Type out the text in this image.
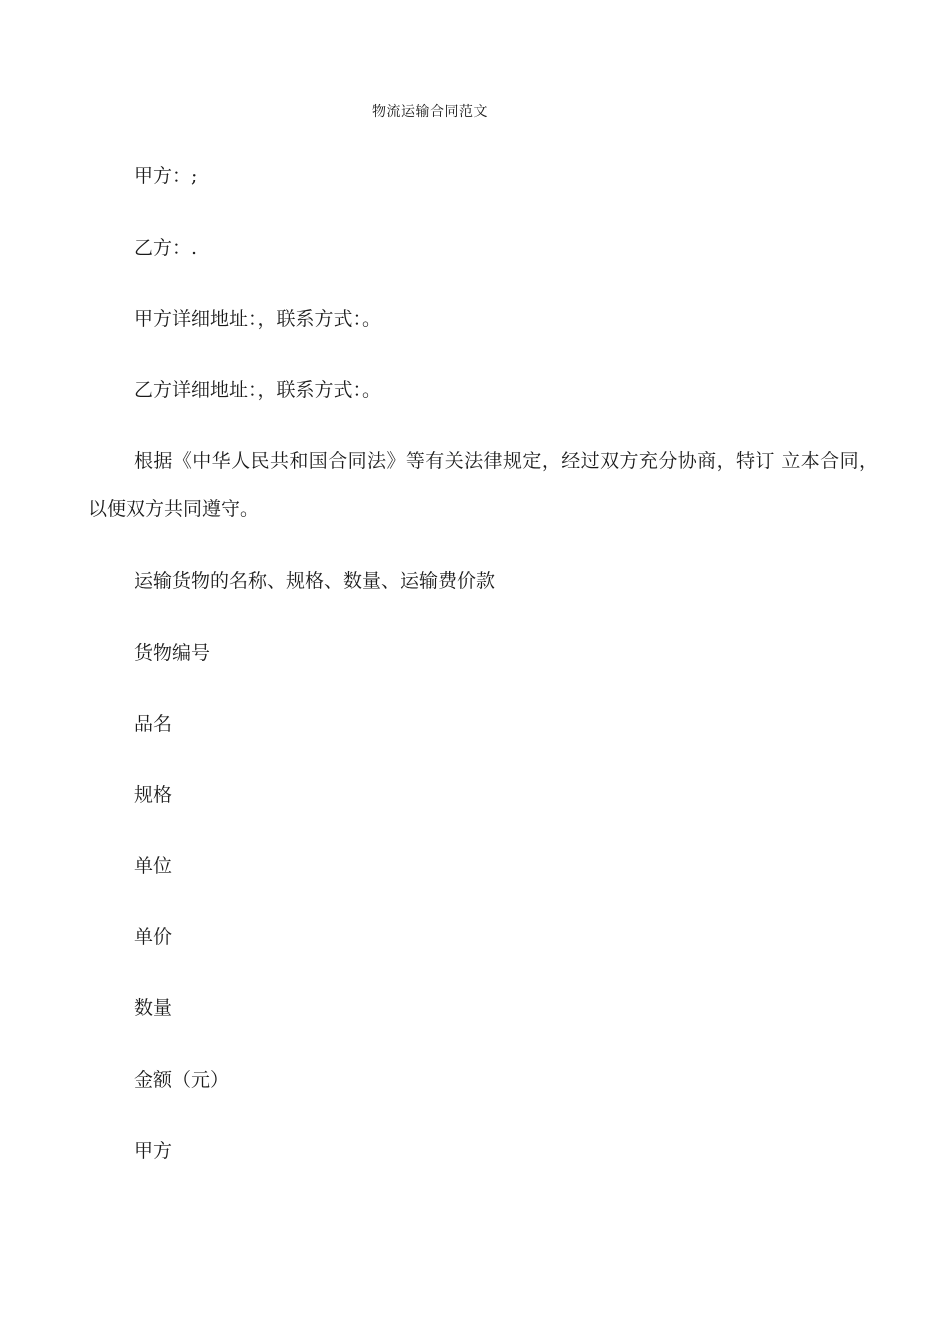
物流运输合同范文
甲方：;
乙方：.
甲方详细地址：，联系方式：。
乙方详细地址：，联系方式：。
根据《中华人民共和国合同法》等有关法律规定，经过双方充分协商，特订 立本合同，以便双方共同遵守。
运输货物的名称、规格、数量、运输费价款
货物编号
品名
规格
单位
单价
数量
金额（元）
甲方
